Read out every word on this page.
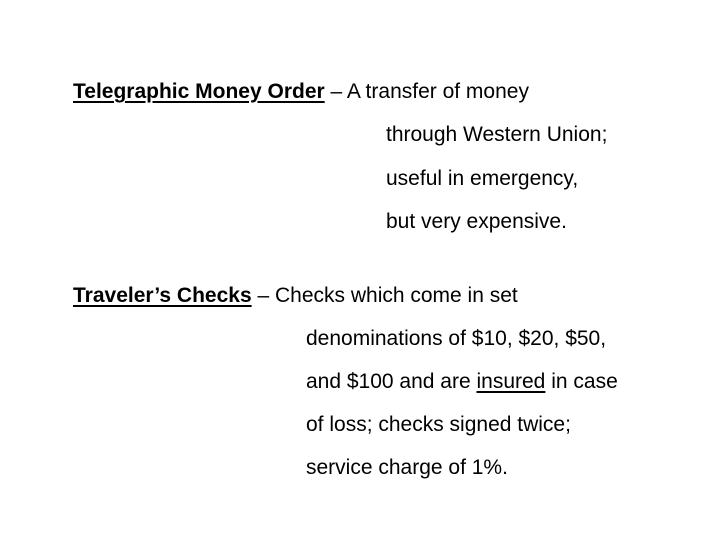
Telegraphic Money Order – A transfer of money
through Western Union;
useful in emergency,
but very expensive.
Traveler’s Checks – Checks which come in set
denominations of $10, $20, $50,
and $100 and are insured in case
of loss; checks signed twice;
service charge of 1%.
